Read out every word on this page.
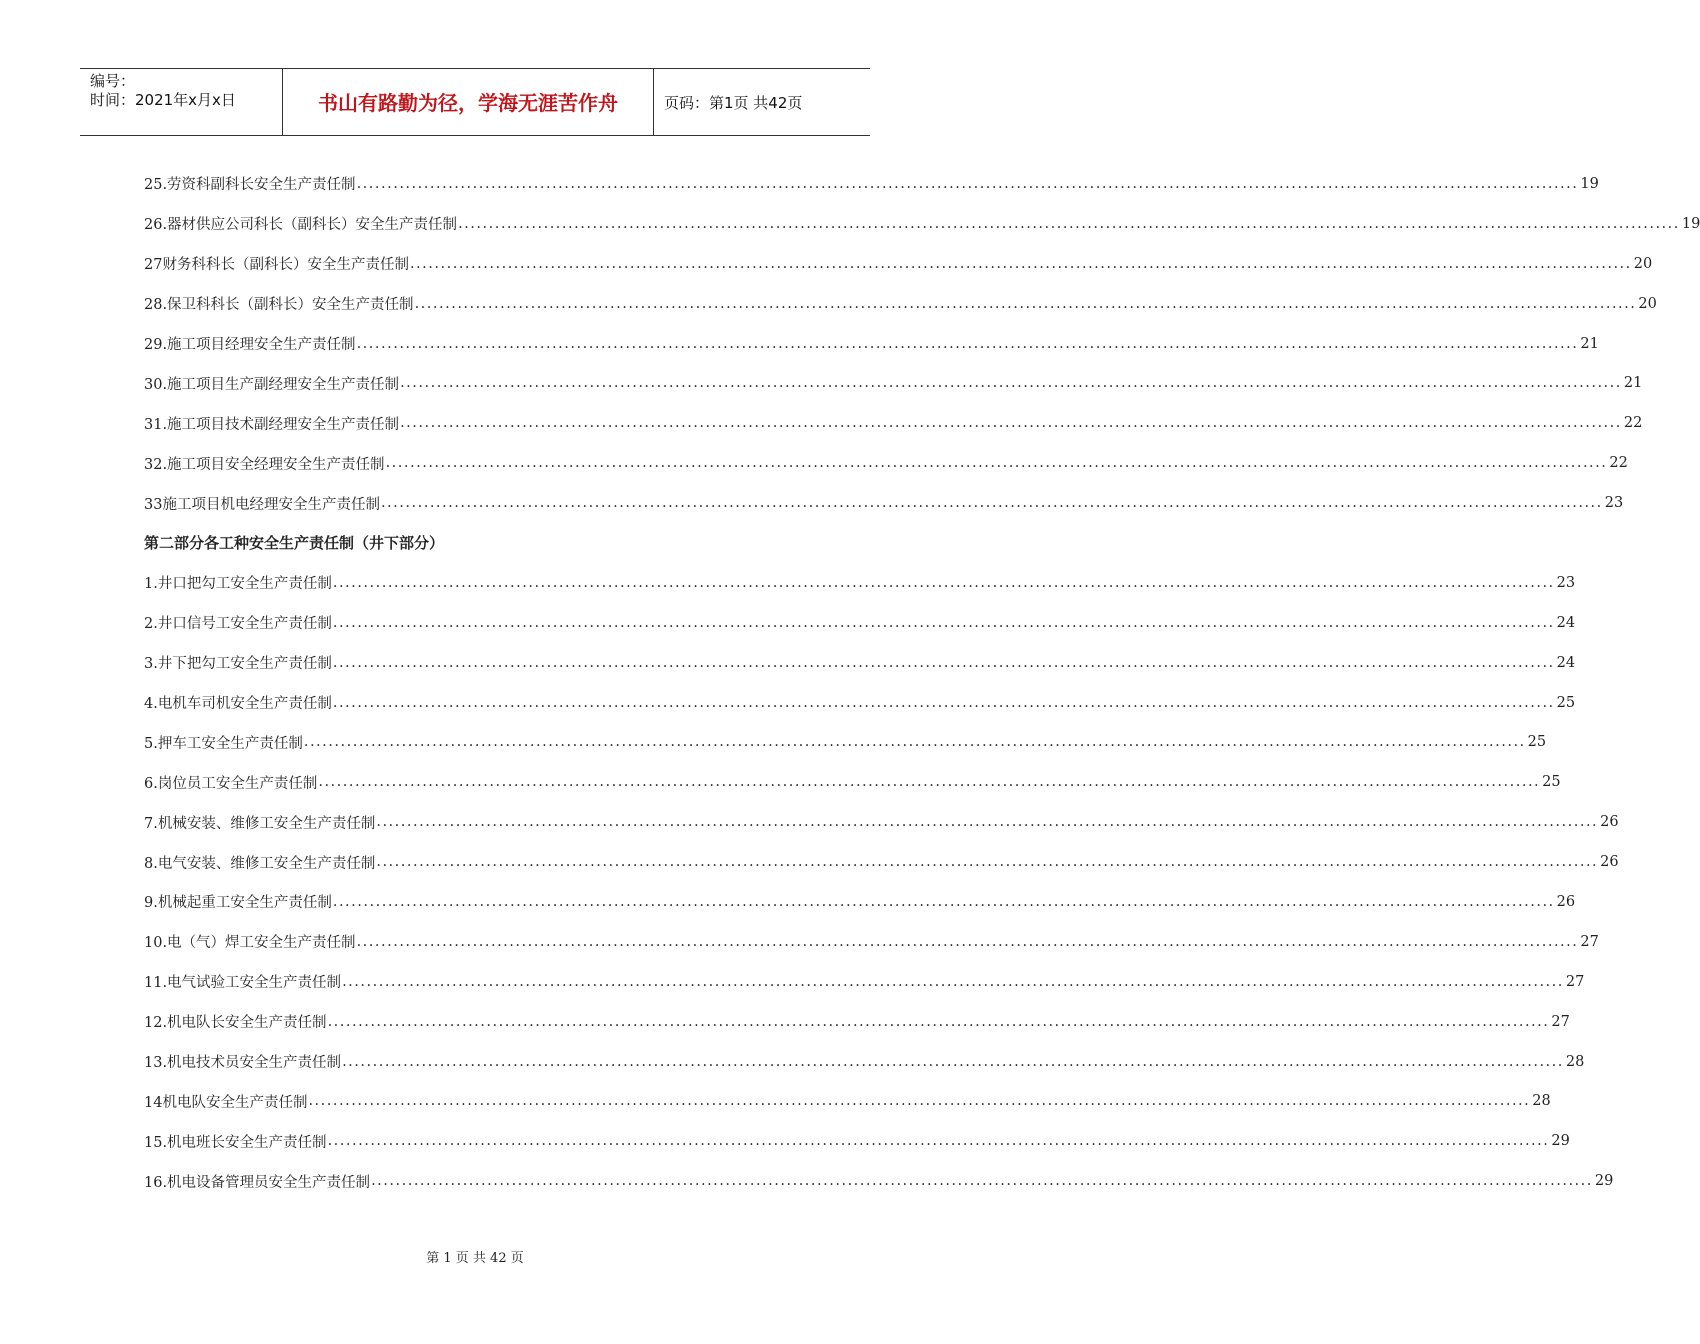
编号：
时间：2021年x月x日	书山有路勤为径，学海无涯苦作舟	页码：第1页 共42页
25.劳资科副科长安全生产责任制 ........................................................................................................................................................................................................ 19
26.器材供应公司科长（副科长）安全生产责任制 ........................................................................................................................................................................................................ 19
27财务科科长（副科长）安全生产责任制 ........................................................................................................................................................................................................ 20
28.保卫科科长（副科长）安全生产责任制 ........................................................................................................................................................................................................ 20
29.施工项目经理安全生产责任制 ........................................................................................................................................................................................................ 21
30.施工项目生产副经理安全生产责任制 ........................................................................................................................................................................................................ 21
31.施工项目技术副经理安全生产责任制 ........................................................................................................................................................................................................ 22
32.施工项目安全经理安全生产责任制 ........................................................................................................................................................................................................ 22
33施工项目机电经理安全生产责任制 ........................................................................................................................................................................................................ 23
第二部分各工种安全生产责任制（井下部分）
1.井口把勾工安全生产责任制 ........................................................................................................................................................................................................ 23
2.井口信号工安全生产责任制 ........................................................................................................................................................................................................ 24
3.井下把勾工安全生产责任制 ........................................................................................................................................................................................................ 24
4.电机车司机安全生产责任制 ........................................................................................................................................................................................................ 25
5.押车工安全生产责任制 ........................................................................................................................................................................................................ 25
6.岗位员工安全生产责任制 ........................................................................................................................................................................................................ 25
7.机械安装、维修工安全生产责任制 ........................................................................................................................................................................................................ 26
8.电气安装、维修工安全生产责任制 ........................................................................................................................................................................................................ 26
9.机械起重工安全生产责任制 ........................................................................................................................................................................................................ 26
10.电（气）焊工安全生产责任制 ........................................................................................................................................................................................................ 27
11.电气试验工安全生产责任制 ........................................................................................................................................................................................................ 27
12.机电队长安全生产责任制 ........................................................................................................................................................................................................ 27
13.机电技术员安全生产责任制 ........................................................................................................................................................................................................ 28
14机电队安全生产责任制 ........................................................................................................................................................................................................ 28
15.机电班长安全生产责任制 ........................................................................................................................................................................................................ 29
16.机电设备管理员安全生产责任制 ........................................................................................................................................................................................................ 29
第 1 页 共 42 页
